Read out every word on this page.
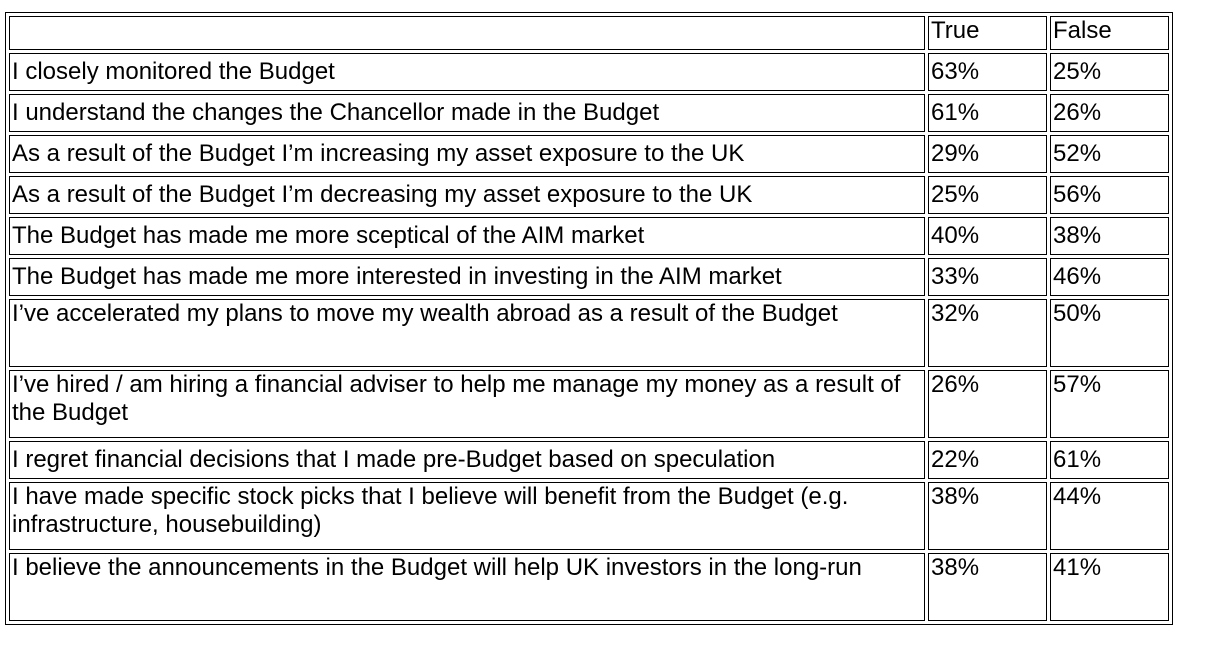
	True	False
I closely monitored the Budget	63%	25%
I understand the changes the Chancellor made in the Budget	61%	26%
As a result of the Budget I’m increasing my asset exposure to the UK	29%	52%
As a result of the Budget I’m decreasing my asset exposure to the UK	25%	56%
The Budget has made me more sceptical of the AIM market	40%	38%
The Budget has made me more interested in investing in the AIM market	33%	46%
I’ve accelerated my plans to move my wealth abroad as a result of the Budget	32%	50%
I’ve hired / am hiring a financial adviser to help me manage my money as a result of the Budget	26%	57%
I regret financial decisions that I made pre-Budget based on speculation	22%	61%
I have made specific stock picks that I believe will benefit from the Budget (e.g. infrastructure, housebuilding)	38%	44%
I believe the announcements in the Budget will help UK investors in the long-run	38%	41%
